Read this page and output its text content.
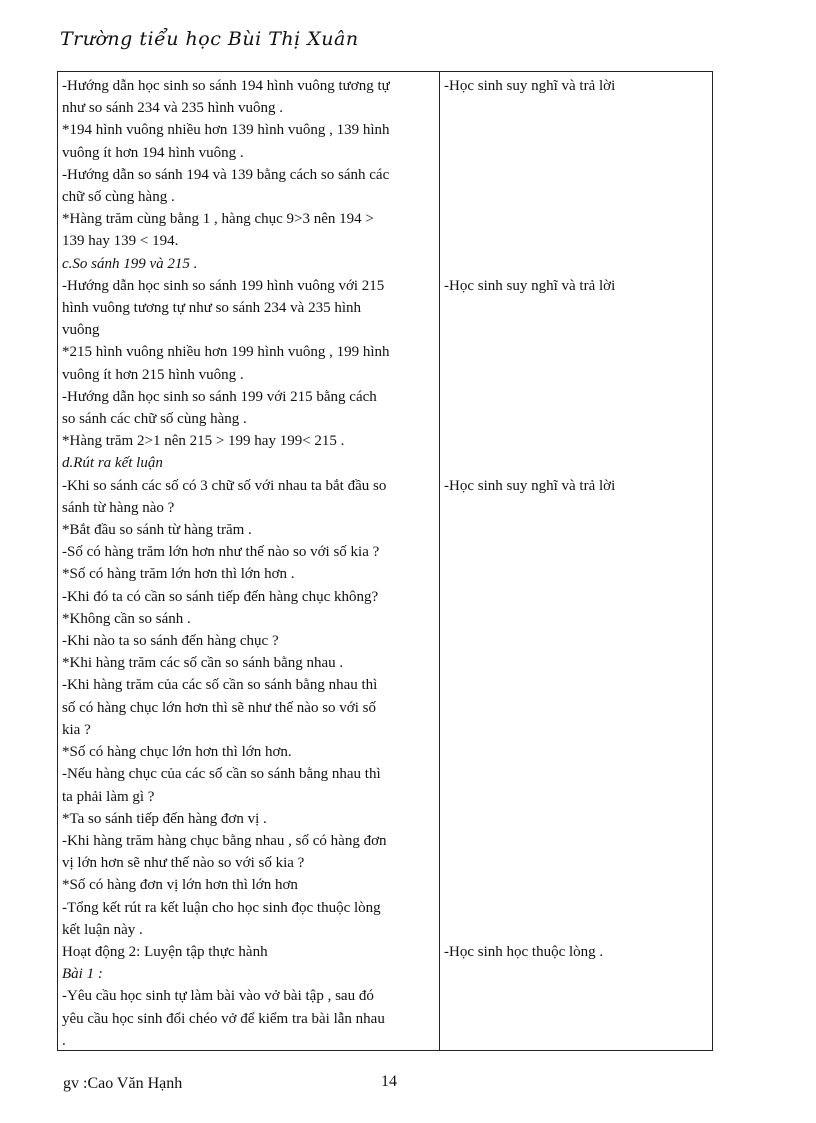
Trường tiểu học Bùi Thị Xuân
-Hướng dẫn học sinh so sánh 194 hình vuông tương tự
như so sánh 234 và 235 hình vuông .
*194 hình vuông nhiều hơn 139 hình vuông , 139 hình
vuông ít hơn 194 hình vuông .
-Hướng dẫn so sánh 194 và 139 bằng cách so sánh các
chữ số cùng hàng .
*Hàng trăm cùng bằng 1 , hàng chục 9>3 nên 194 >
139 hay 139 < 194.
c.So sánh 199 và 215 .
-Hướng dẫn học sinh so sánh 199 hình vuông với 215
hình vuông tương tự như so sánh 234 và 235 hình
vuông
*215 hình vuông nhiều hơn 199 hình vuông , 199 hình
vuông ít hơn 215 hình vuông .
-Hướng dẫn học sinh so sánh 199 với 215 bằng cách
so sánh các chữ số cùng hàng .
*Hàng trăm 2>1 nên 215 > 199 hay 199< 215 .
d.Rút ra kết luận
-Khi so sánh các số có 3 chữ số với nhau ta bắt đầu so
sánh từ hàng nào ?
*Bắt đầu so sánh từ hàng trăm .
-Số có hàng trăm lớn hơn như thế nào so với số kia ?
*Số có hàng trăm lớn hơn thì lớn hơn .
-Khi đó ta có cần so sánh tiếp đến hàng chục không?
*Không cần so sánh .
-Khi nào ta so sánh đến hàng chục ?
*Khi hàng trăm các số cần so sánh bằng nhau .
-Khi hàng trăm của các số cần so sánh bằng nhau thì
số có hàng chục lớn hơn thì sẽ như thế nào so với số
kia ?
*Số có hàng chục lớn hơn thì lớn hơn.
-Nếu hàng chục của các số cần so sánh bằng nhau thì
ta phải làm gì ?
*Ta so sánh tiếp đến hàng đơn vị .
-Khi hàng trăm hàng chục bằng nhau , số có hàng đơn
vị lớn hơn sẽ như thế nào so với số kia ?
*Số có hàng đơn vị lớn hơn thì lớn hơn
-Tổng kết rút ra kết luận cho học sinh đọc thuộc lòng
kết luận này .
Hoạt động 2: Luyện tập thực hành
Bài 1 :
-Yêu cầu học sinh tự làm bài vào vở bài tập , sau đó
yêu cầu học sinh đổi chéo vở để kiểm tra bài lẫn nhau
.
-Học sinh suy nghĩ và trả lời
-Học sinh suy nghĩ và trả lời
-Học sinh suy nghĩ và trả lời
-Học sinh học thuộc lòng .
gv :Cao Văn Hạnh	14
